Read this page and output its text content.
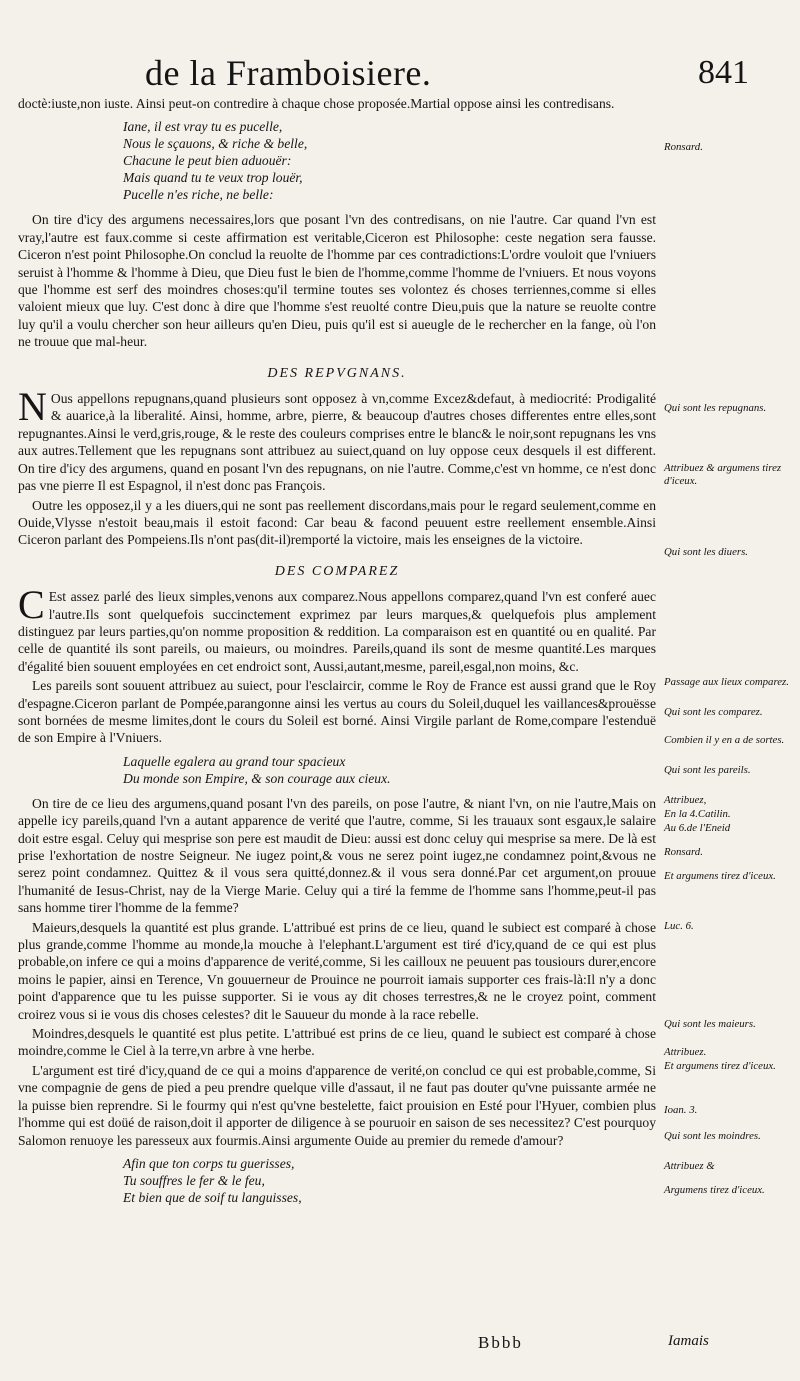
de la Framboisiere.	841

doctè:iuste,non iuste. Ainsi peut-on contredire à chaque chose proposée.Martial oppose ainsi les contredisans.

Iane, il est vray tu es pucelle,
Nous le sçauons, & riche & belle,
Chacune le peut bien aduouër:
Mais quand tu te veux trop louër,
Pucelle n'es riche, ne belle:

On tire d'icy des argumens necessaires,lors que posant l'vn des contredisans, on nie l'autre. Car quand l'vn est vray,l'autre est faux.comme si ceste affirmation est veritable,Ciceron est Philosophe: ceste negation sera fausse. Ciceron n'est point Philosophe.On conclud la reuolte de l'homme par ces contradictions:L'ordre vouloit que l'vniuers seruist à l'homme & l'homme à Dieu, que Dieu fust le bien de l'homme,comme l'homme de l'vniuers. Et nous voyons que l'homme est serf des moindres choses:qu'il termine toutes ses volontez és choses terriennes,comme si elles valoient mieux que luy. C'est donc à dire que l'homme s'est reuolté contre Dieu,puis que la nature se reuolte contre luy qu'il a voulu chercher son heur ailleurs qu'en Dieu, puis qu'il est si aueugle de le rechercher en la fange, où l'on ne trouue que mal-heur.

DES REPVGNANS.

N Ous appellons repugnans,quand plusieurs sont opposez à vn,comme Excez&defaut, à mediocrité: Prodigalité & auarice,à la liberalité. Ainsi, homme, arbre, pierre, & beaucoup d'autres choses differentes entre elles,sont repugnantes.Ainsi le verd,gris,rouge, & le reste des couleurs comprises entre le blanc& le noir,sont repugnans les vns aux autres.Tellement que les repugnans sont attribuez au suiect,quand on luy oppose ceux desquels il est different. On tire d'icy des argumens, quand en posant l'vn des repugnans, on nie l'autre. Comme,c'est vn homme, ce n'est donc pas vne pierre Il est Espagnol, il n'est donc pas François.

Outre les opposez,il y a les diuers,qui ne sont pas reellement discordans,mais pour le regard seulement,comme en Ouide,Vlysse n'estoit beau,mais il estoit facond: Car beau & facond peuuent estre reellement ensemble.Ainsi Ciceron parlant des Pompeiens.Ils n'ont pas(dit-il)remporté la victoire, mais les enseignes de la victoire.

DES COMPAREZ

C Est assez parlé des lieux simples,venons aux comparez.Nous appellons comparez,quand l'vn est conferé auec l'autre.Ils sont quelquefois succinctement exprimez par leurs marques,& quelquefois plus amplement distinguez par leurs parties,qu'on nomme proposition & reddition. La comparaison est en quantité ou en qualité. Par celle de quantité ils sont pareils, ou maieurs, ou moindres. Pareils,quand ils sont de mesme quantité.Les marques d'égalité bien souuent employées en cet endroict sont, Aussi,autant,mesme, pareil,esgal,non moins, &c.

Les pareils sont souuent attribuez au suiect, pour l'esclaircir, comme le Roy de France est aussi grand que le Roy d'espagne.Ciceron parlant de Pompée,parangonne ainsi les vertus au cours du Soleil,duquel les vaillances&prouësse sont bornées de mesme limites,dont le cours du Soleil est borné. Ainsi Virgile parlant de Rome,compare l'estenduë de son Empire à l'Vniuers.

Laquelle egalera au grand tour spacieux
Du monde son Empire, & son courage aux cieux.

On tire de ce lieu des argumens,quand posant l'vn des pareils, on pose l'autre, & niant l'vn, on nie l'autre,Mais on appelle icy pareils,quand l'vn a autant apparence de verité que l'autre, comme, Si les trauaux sont esgaux,le salaire doit estre esgal. Celuy qui mesprise son pere est maudit de Dieu: aussi est donc celuy qui mesprise sa mere. De là est prise l'exhortation de nostre Seigneur. Ne iugez point,& vous ne serez point iugez,ne condamnez point,&vous ne serez point condamnez. Quittez & il vous sera quitté,donnez.& il vous sera donné.Par cet argument,on prouue l'humanité de Iesus-Christ, nay de la Vierge Marie. Celuy qui a tiré la femme de l'homme sans l'homme,peut-il pas sans homme tirer l'homme de la femme?

Maieurs,desquels la quantité est plus grande. L'attribué est prins de ce lieu, quand le subiect est comparé à chose plus grande,comme l'homme au monde,la mouche à l'elephant.L'argument est tiré d'icy,quand de ce qui est plus probable,on infere ce qui a moins d'apparence de verité,comme, Si les cailloux ne peuuent pas tousiours durer,encore moins le papier, ainsi en Terence, Vn gouuerneur de Prouince ne pourroit iamais supporter ces frais-là:Il n'y a donc point d'apparence que tu les puisse supporter. Si ie vous ay dit choses terrestres,& ne le croyez point, comment croirez vous si ie vous dis choses celestes? dit le Sauueur du monde à la race rebelle.

Moindres,desquels le quantité est plus petite. L'attribué est prins de ce lieu, quand le subiect est comparé à chose moindre,comme le Ciel à la terre,vn arbre à vne herbe.

L'argument est tiré d'icy,quand de ce qui a moins d'apparence de verité,on conclud ce qui est probable,comme, Si vne compagnie de gens de pied a peu prendre quelque ville d'assaut, il ne faut pas douter qu'vne puissante armée ne la puisse bien reprendre. Si le fourmy qui n'est qu'vne bestelette, faict prouision en Esté pour l'Hyuer, combien plus l'homme qui est doüé de raison,doit il apporter de diligence à se pouruoir en saison de ses necessitez? C'est pourquoy Salomon renuoye les paresseux aux fourmis.Ainsi argumente Ouide au premier du remede d'amour?

Afin que ton corps tu guerisses,
Tu souffres le fer & le feu,
Et bien que de soif tu languisses,
Ronsard.
Qui sont les repugnans.
Attribuez & argumens tirez d'iceux.
Qui sont les diuers.
Passage aux lieux comparez.
Qui sont les comparez.
Combien il y en a de sortes.
Qui sont les pareils.
Attribuez,
En la 4.Catilin.
Au 6.de l'Eneid
Ronsard.
Et argumens tirez d'iceux.
Luc. 6.
Qui sont les maieurs.
Attribuez.
Et argumens tirez d'iceux.
Ioan. 3.
Qui sont les moindres.
Attribuez &
Argumens tirez d'iceux.
Bbbb	Iamais
